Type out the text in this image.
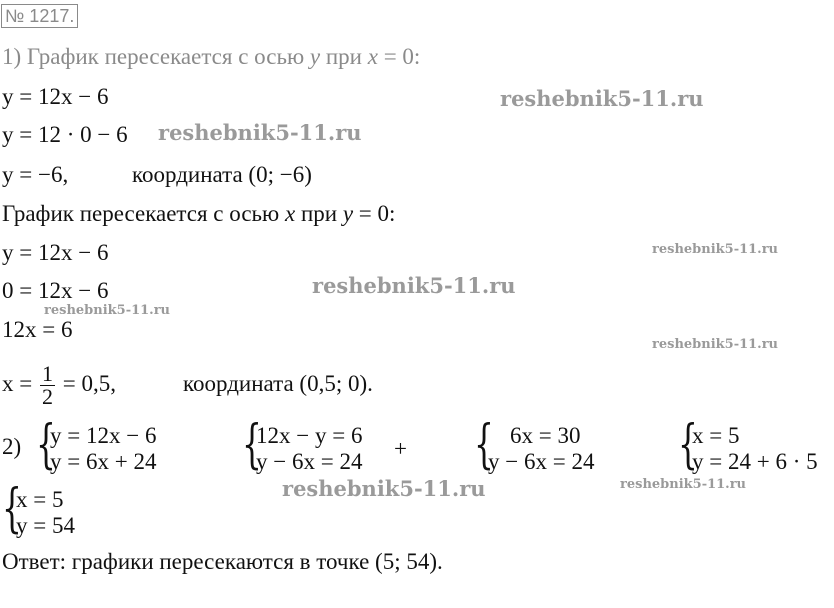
№ 1217.
1) График пересекается с осью y при x = 0:
y = 12x − 6
y = 12 · 0 − 6
y = −6,	координата (0; −6)
График пересекается с осью x при y = 0:
y = 12x − 6
0 = 12x − 6
12x = 6
$x = \frac{1}{2} = 0,5$,	координата (0,5; 0).
2) {
y = 12x − 6
y = 6x + 24 {
12x − y = 6
y − 6x = 24
+ { 6x = 30
y − 6x = 24 {
x = 5
y = 24 + 6 · 5
{
x = 5
y = 54
Ответ: графики пересекаются в точке (5; 54).
reshebnik5-11.ru
reshebnik5-11.ru
reshebnik5-11.ru
reshebnik5-11.ru
reshebnik5-11.ru
reshebnik5-11.ru
reshebnik5-11.ru	reshebnik5-11.ru
